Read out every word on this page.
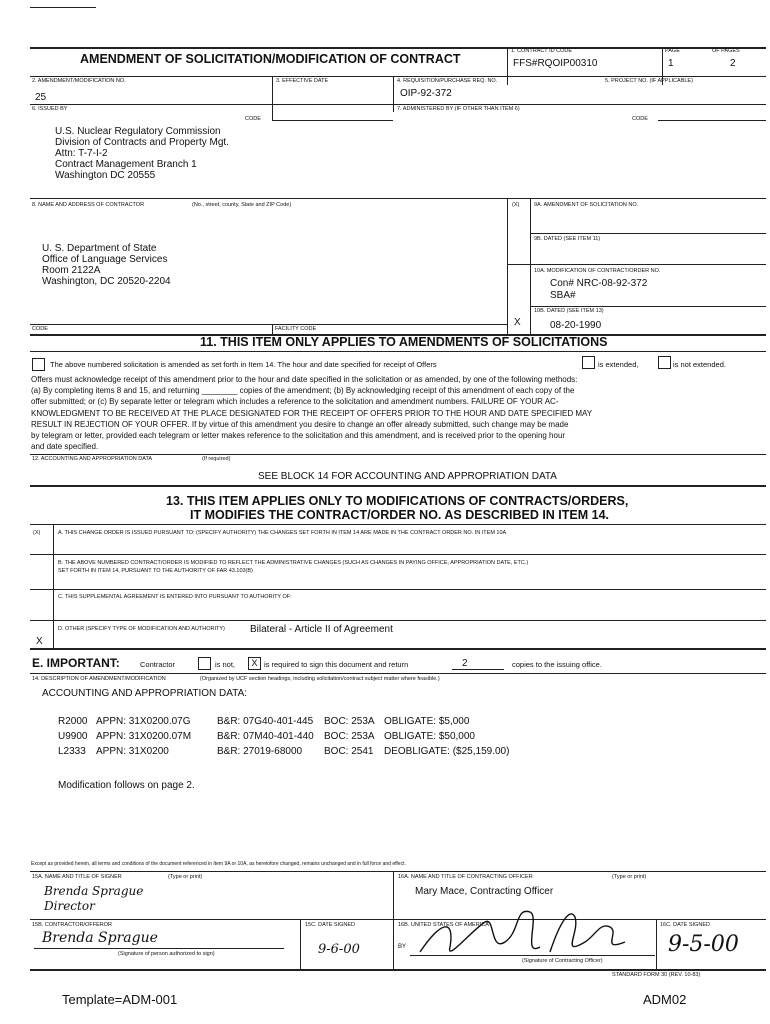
AMENDMENT OF SOLICITATION/MODIFICATION OF CONTRACT
1. CONTRACT ID CODE
FFS#RQOIP00310
PAGE	OF PAGES
1	2
2. AMENDMENT/MODIFICATION NO.
25
3. EFFECTIVE DATE	4. REQUISITION/PURCHASE REQ. NO.
OIP-92-372
5. PROJECT NO. (IF APPLICABLE)
6. ISSUED BY
CODE
U.S. Nuclear Regulatory Commission
Division of Contracts and Property Mgt.
Attn: T-7-I-2
Contract Management Branch 1
Washington DC 20555
7. ADMINISTERED BY (IF OTHER THAN ITEM 6)
CODE
8. NAME AND ADDRESS OF CONTRACTOR	(No., street, county, State and ZIP Code)
U. S. Department of State
Office of Language Services
Room 2122A
Washington, DC 20520-2204
(X)	9A. AMENDMENT OF SOLICITATION NO.
9B. DATED (SEE ITEM 11)
10A. MODIFICATION OF CONTRACT/ORDER NO.
Con# NRC-08-92-372
SBA#
10B. DATED (SEE ITEM 13)
X	08-20-1990
CODE	FACILITY CODE
11. THIS ITEM ONLY APPLIES TO AMENDMENTS OF SOLICITATIONS
The above numbered solicitation is amended as set forth in Item 14. The hour and date specified for receipt of Offers	is extended,	is not extended.
Offers must acknowledge receipt of this amendment prior to the hour and date specified in the solicitation or as amended, by one of the following methods:
(a) By completing items 8 and 15, and returning ________ copies of the amendment; (b) By acknowledging receipt of this amendment of each copy of the
offer submitted; or (c) By separate letter or telegram which includes a reference to the solicitation and amendment numbers. FAILURE OF YOUR AC-
KNOWLEDGMENT TO BE RECEIVED AT THE PLACE DESIGNATED FOR THE RECEIPT OF OFFERS PRIOR TO THE HOUR AND DATE SPECIFIED MAY
RESULT IN REJECTION OF YOUR OFFER. If by virtue of this amendment you desire to change an offer already submitted, such change may be made
by telegram or letter, provided each telegram or letter makes reference to the solicitation and this amendment, and is received prior to the opening hour
and date specified.
12. ACCOUNTING AND APPROPRIATION DATA	(If required)
SEE BLOCK 14 FOR ACCOUNTING AND APPROPRIATION DATA
13. THIS ITEM APPLIES ONLY TO MODIFICATIONS OF CONTRACTS/ORDERS,
IT MODIFIES THE CONTRACT/ORDER NO. AS DESCRIBED IN ITEM 14.
(X)	A. THIS CHANGE ORDER IS ISSUED PURSUANT TO: (SPECIFY AUTHORITY) THE CHANGES SET FORTH IN ITEM 14 ARE MADE IN THE CONTRACT ORDER NO. IN ITEM 10A
B. THE ABOVE NUMBERED CONTRACT/ORDER IS MODIFIED TO REFLECT THE ADMINISTRATIVE CHANGES (SUCH AS CHANGES IN PAYING OFFICE, APPROPRIATION DATE, ETC.)
SET FORTH IN ITEM 14, PURSUANT TO THE AUTHORITY OF FAR 43.103(B)
C. THIS SUPPLEMENTAL AGREEMENT IS ENTERED INTO PURSUANT TO AUTHORITY OF:
D. OTHER (SPECIFY TYPE OF MODIFICATION AND AUTHORITY)	Bilateral - Article II of Agreement
X
E. IMPORTANT:	Contractor	is not,	X is required to sign this document and return	2	copies to the issuing office.
14. DESCRIPTION OF AMENDMENT/MODIFICATION	(Organized by UCF section headings, including solicitation/contract subject matter where feasible.)
ACCOUNTING AND APPROPRIATION DATA:
R2000 APPN: 31X0200.07G	B&R: 07G40-401-445 BOC: 253A OBLIGATE: $5,000
U9900 APPN: 31X0200.07M	B&R: 07M40-401-440 BOC: 253A OBLIGATE: $50,000
L2333 APPN: 31X0200	B&R: 27019-68000 BOC: 2541 DEOBLIGATE: ($25,159.00)
Modification follows on page 2.
Except as provided herein, all terms and conditions of the document referenced in Item 9A or 10A, as heretofore changed, remains unchanged and in full force and effect.
15A. NAME AND TITLE OF SIGNER	(Type or print)
Brenda Sprague
Director
16A. NAME AND TITLE OF CONTRACTING OFFICER	(Type or print)
Mary Mace, Contracting Officer
15B. CONTRACTOR/OFFEROR
Brenda Sprague
(Signature of person authorized to sign)
15C. DATE SIGNED
9-6-00
16B. UNITED STATES OF AMERICA
BY
(Signature of Contracting Officer)
16C. DATE SIGNED
9-5-00
STANDARD FORM 30 (REV. 10-83)
Template=ADM-001	ADM02
